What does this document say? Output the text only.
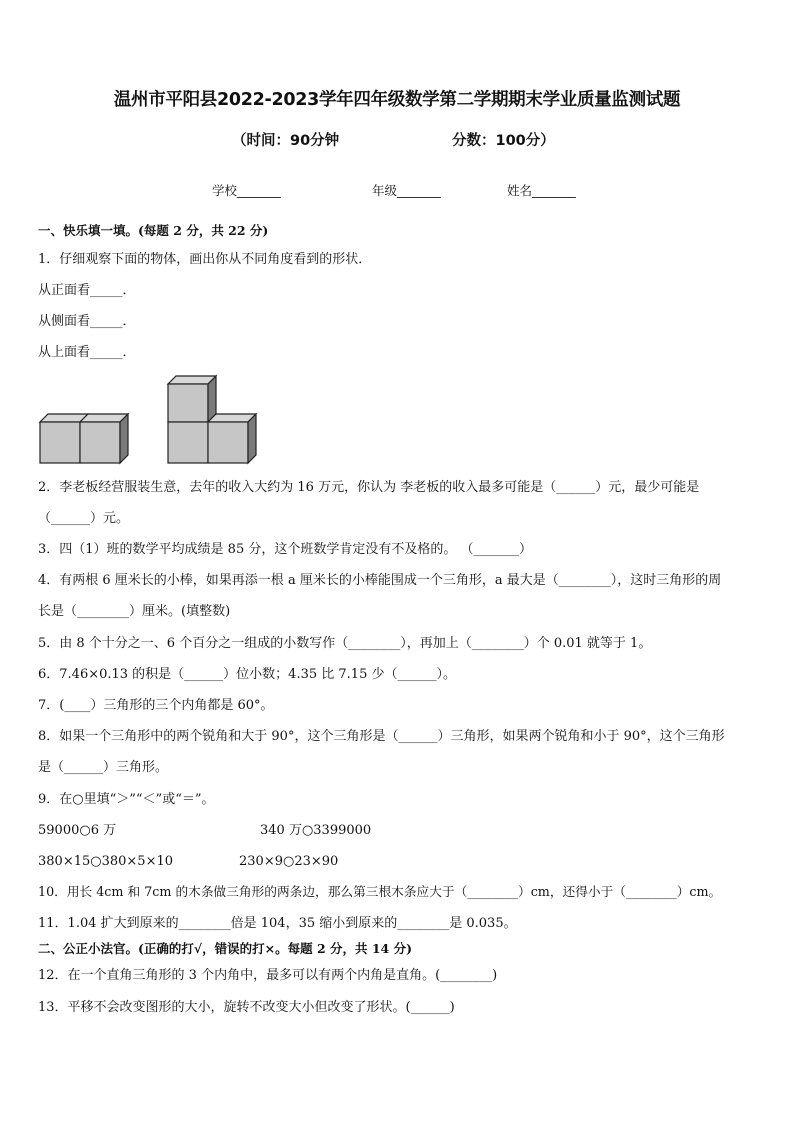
温州市平阳县2022-2023学年四年级数学第二学期期末学业质量监测试题
（时间：90分钟	分数：100分）
学校_______	年级_______	姓名_______
一、快乐填一填。(每题 2 分，共 22 分)
1．仔细观察下面的物体，画出你从不同角度看到的形状．
从正面看_____．
从侧面看_____．
从上面看_____．
2．李老板经营服装生意，去年的收入大约为 16 万元，你认为 李老板的收入最多可能是（______）元，最少可能是
（______）元。
3．四（1）班的数学平均成绩是 85 分，这个班数学肯定没有不及格的。 （_______）
4．有两根 6 厘米长的小棒，如果再添一根 a 厘米长的小棒能围成一个三角形，a 最大是（________），这时三角形的周
长是（________）厘米。(填整数)
5．由 8 个十分之一、6 个百分之一组成的小数写作（________），再加上（________）个 0.01 就等于 1。
6．7.46×0.13 的积是（______）位小数；4.35 比 7.15 少（______）。
7．(____）三角形的三个内角都是 60°。
8．如果一个三角形中的两个锐角和大于 90°，这个三角形是（______）三角形，如果两个锐角和小于 90°，这个三角形
是（______）三角形。
9．在○里填“＞”“＜”或“＝”。
59000○6 万	340 万○3399000
380×15○380×5×10	230×9○23×90
10．用长 4cm 和 7cm 的木条做三角形的两条边，那么第三根木条应大于（________）cm，还得小于（________）cm。
11．1.04 扩大到原来的________倍是 104，35 缩小到原来的________是 0.035。
二、公正小法官。(正确的打√，错误的打×。每题 2 分，共 14 分)
12．在一个直角三角形的 3 个内角中，最多可以有两个内角是直角。(________)
13．平移不会改变图形的大小，旋转不改变大小但改变了形状。(______)
